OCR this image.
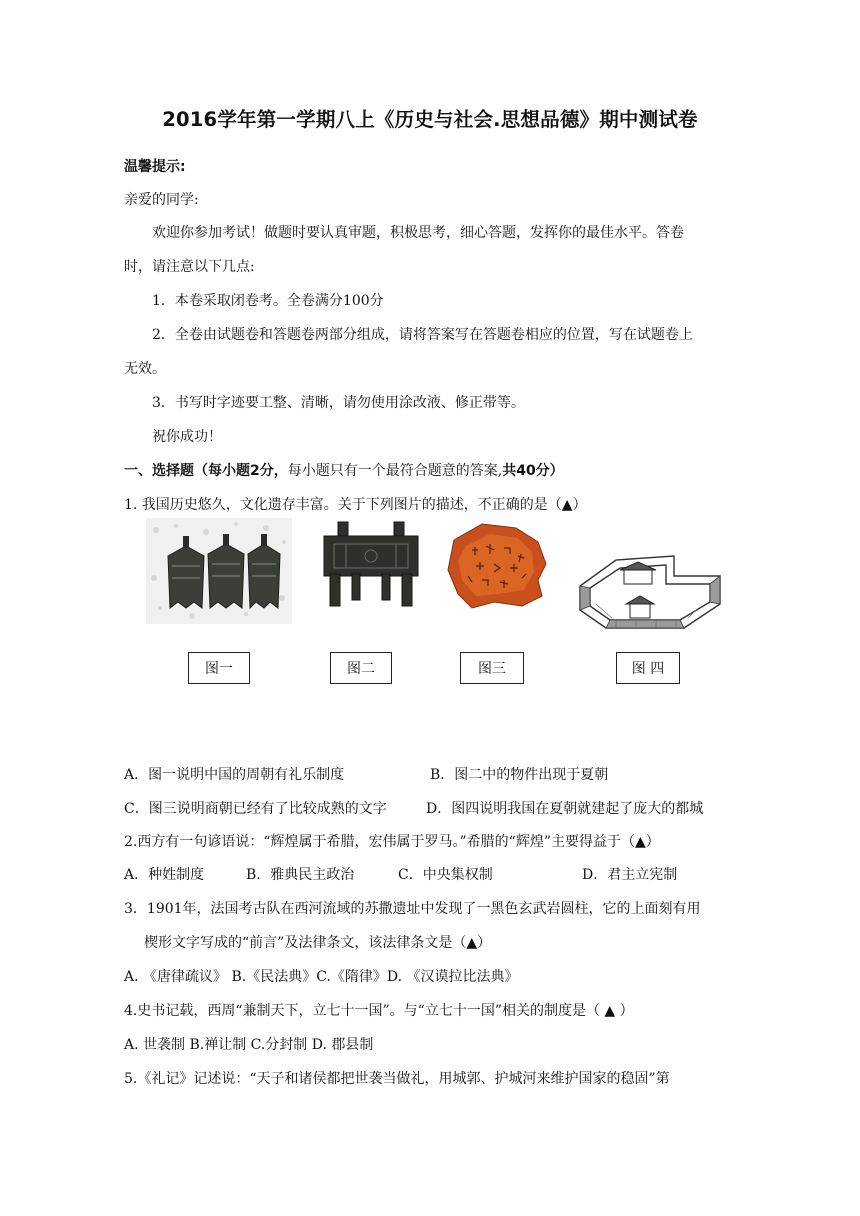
2016学年第一学期八上《历史与社会.思想品德》期中测试卷
温馨提示:
亲爱的同学:
欢迎你参加考试！做题时要认真审题，积极思考，细心答题，发挥你的最佳水平。答卷
时，请注意以下几点:
1．本卷采取闭卷考。全卷满分100分
2．全卷由试题卷和答题卷两部分组成，请将答案写在答题卷相应的位置，写在试题卷上
无效。
3．书写时字迹要工整、清晰，请勿使用涂改液、修正带等。
祝你成功！
一、选择题（每小题2分，每小题只有一个最符合题意的答案,共40分）
1. 我国历史悠久，文化遗存丰富。关于下列图片的描述，不正确的是（▲）
图一	图二	图三	图 四
A．图一说明中国的周朝有礼乐制度	B．图二中的物件出现于夏朝
C．图三说明商朝已经有了比较成熟的文字	D．图四说明我国在夏朝就建起了庞大的都城
2.西方有一句谚语说：“辉煌属于希腊，宏伟属于罗马。”希腊的“辉煌”主要得益于（▲）
A．种姓制度	B．雅典民主政治	C．中央集权制	D．君主立宪制
3．1901年，法国考古队在西河流域的苏撒遗址中发现了一黑色玄武岩圆柱，它的上面刻有用
楔形文字写成的“前言”及法律条文，该法律条文是（▲）
A. 《唐律疏议》 B.《民法典》C.《隋律》D. 《汉谟拉比法典》
4.史书记载，西周“兼制天下，立七十一国”。与“立七十一国”相关的制度是（ ▲ ）
A. 世袭制 B.禅让制 C.分封制 D. 郡县制
5.《礼记》记述说：“天子和诸侯都把世袭当做礼，用城郭、护城河来维护国家的稳固”第
